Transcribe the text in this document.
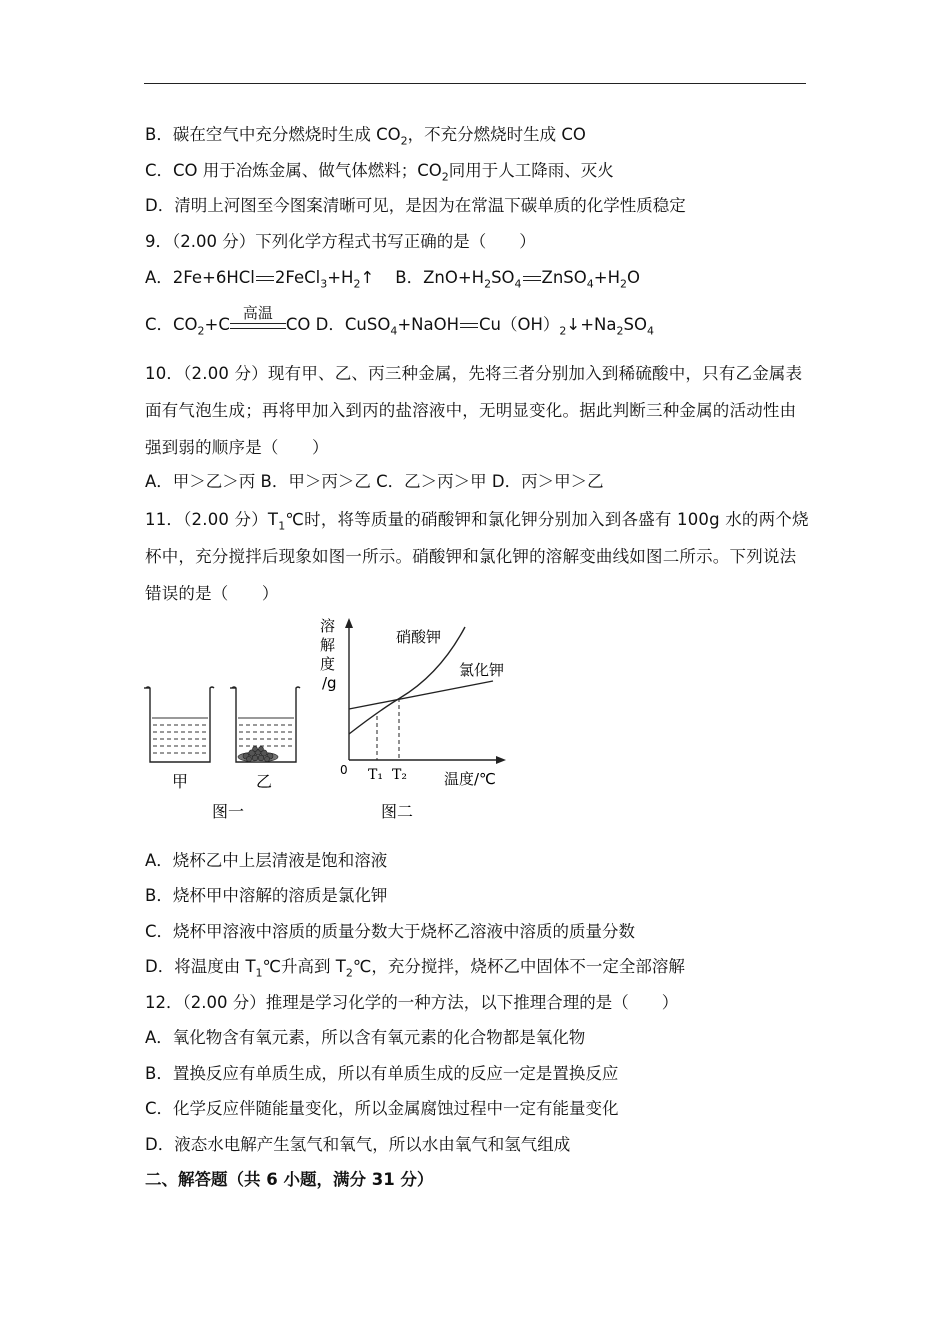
B．碳在空气中充分燃烧时生成 $CO_2$，不充分燃烧时生成 CO
C．CO 用于冶炼金属、做气体燃料；$CO_2$同用于人工降雨、灭火
D．清明上河图至今图案清晰可见，是因为在常温下碳单质的化学性质稳定
9．（2.00 分）下列化学方程式书写正确的是（　　）
A．2Fe+6HCl $2FeCl_3+H_2↑$    B．$ZnO+H_2SO_4$ $ZnSO_4+H_2O$
C．$CO_2+C$
高温
CO D．CuSO$_4$+NaOH $Cu(OH)_2↓+Na_2SO_4$
10．（2.00 分）现有甲、乙、丙三种金属，先将三者分别加入到稀硫酸中，只有乙金属表面有气泡生成；再将甲加入到丙的盐溶液中，无明显变化。据此判断三种金属的活动性由强到弱的顺序是（　　）
A．甲＞乙＞丙 B．甲＞丙＞乙 C．乙＞丙＞甲 D．丙＞甲＞乙
11．（2.00 分）$T_1℃$时，将等质量的硝酸钾和氯化钾分别加入到各盛有 100g 水的两个烧杯中，充分搅拌后现象如图一所示。硝酸钾和氯化钾的溶解变曲线如图二所示。下列说法错误的是（　　）
甲	乙
图一
溶
解
度
/g
0 T₁ T₂ 温度/℃
硝酸钾
氯化钾
图二
A．烧杯乙中上层清液是饱和溶液
B．烧杯甲中溶解的溶质是氯化钾
C．烧杯甲溶液中溶质的质量分数大于烧杯乙溶液中溶质的质量分数
D．将温度由 $T_1℃$升高到 $T_2℃$，充分搅拌，烧杯乙中固体不一定全部溶解
12．（2.00 分）推理是学习化学的一种方法，以下推理合理的是（　　）
A．氧化物含有氧元素，所以含有氧元素的化合物都是氧化物
B．置换反应有单质生成，所以有单质生成的反应一定是置换反应
C．化学反应伴随能量变化，所以金属腐蚀过程中一定有能量变化
D．液态水电解产生氢气和氧气，所以水由氧气和氢气组成
二、解答题（共 6 小题，满分 31 分）
